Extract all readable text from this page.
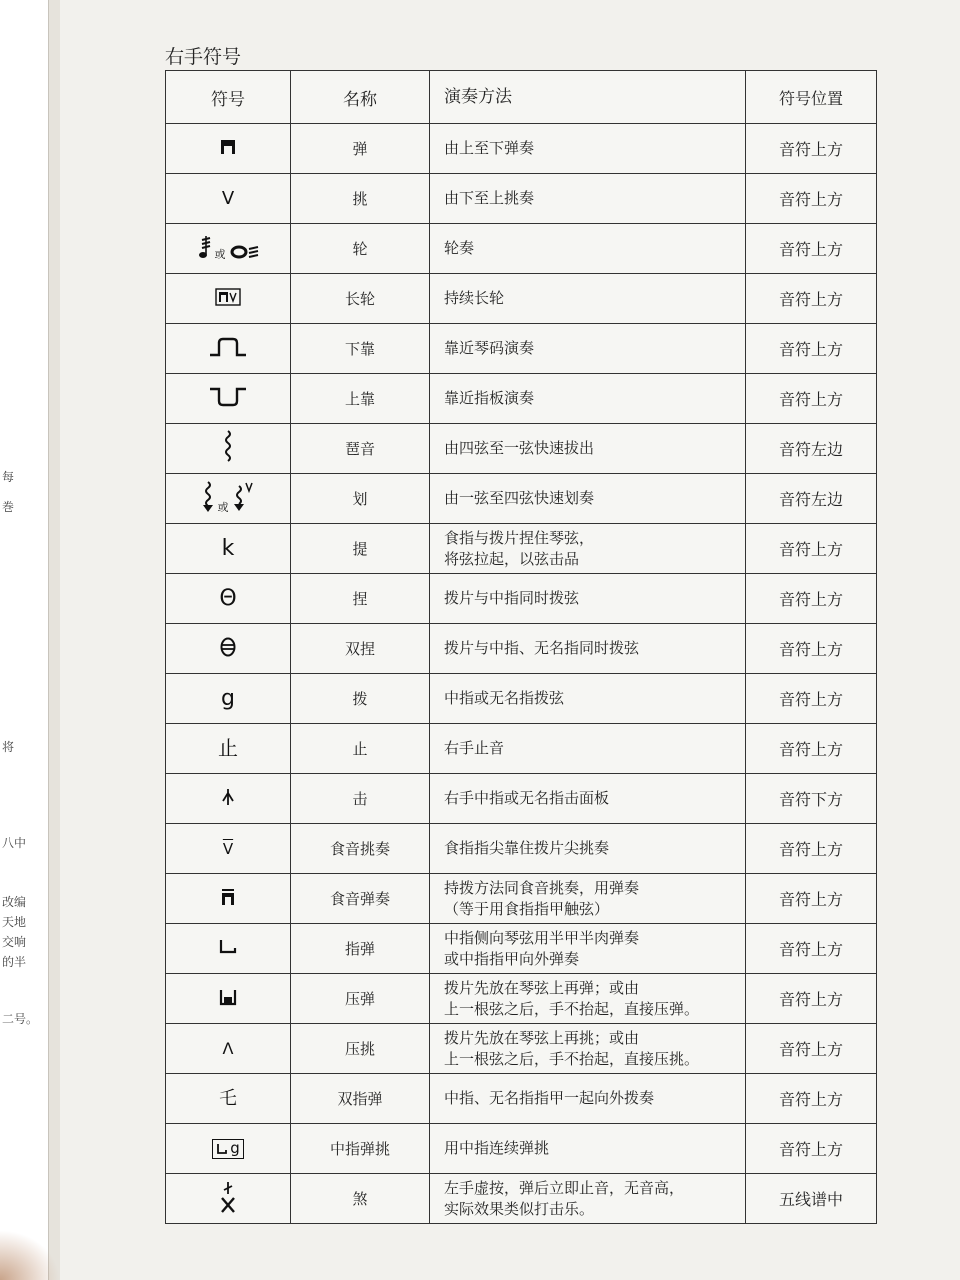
每
巻
将
八中
改编
天地
交响
的半
二号。
右手符号
符号	名称	演奏方法	符号位置

	弹	由上至下弹奏	音符上方
V	挑	由下至上挑奏	音符上方

或	轮	轮奏	音符上方

	长轮	持续长轮	音符上方

	下靠	靠近琴码演奏	音符上方

	上靠	靠近指板演奏	音符上方

	琶音	由四弦至一弦快速拔出	音符左边

或	划	由一弦至四弦快速划奏	音符左边
k	提	食指与拨片捏住琴弦，
将弦拉起，以弦击品	音符上方
Θ	捏	拨片与中指同时拨弦	音符上方

	双捏	拨片与中指、无名指同时拨弦	音符上方
g	拨	中指或无名指拨弦	音符上方
止	止	右手止音	音符上方

	击	右手中指或无名指击面板	音符下方
$\overline{V}$	食音挑奏	食指指尖靠住拨片尖挑奏	音符上方

	食音弹奏	持拨方法同食音挑奏，用弹奏
（等于用食指指甲触弦）	音符上方

	指弹	中指侧向琴弦用半甲半肉弹奏
或中指指甲向外弹奏	音符上方

	压弹	拨片先放在琴弦上再弹；或由
上一根弦之后，手不抬起，直接压弹。	音符上方
Λ	压挑	拨片先放在琴弦上再挑；或由
上一根弦之后，手不抬起，直接压挑。	音符上方
乇	双指弹	中指、无名指指甲一起向外拨奏	音符上方

g	中指弹挑	用中指连续弹挑	音符上方

	煞	左手虚按，弹后立即止音，无音高，
实际效果类似打击乐。	五线谱中
